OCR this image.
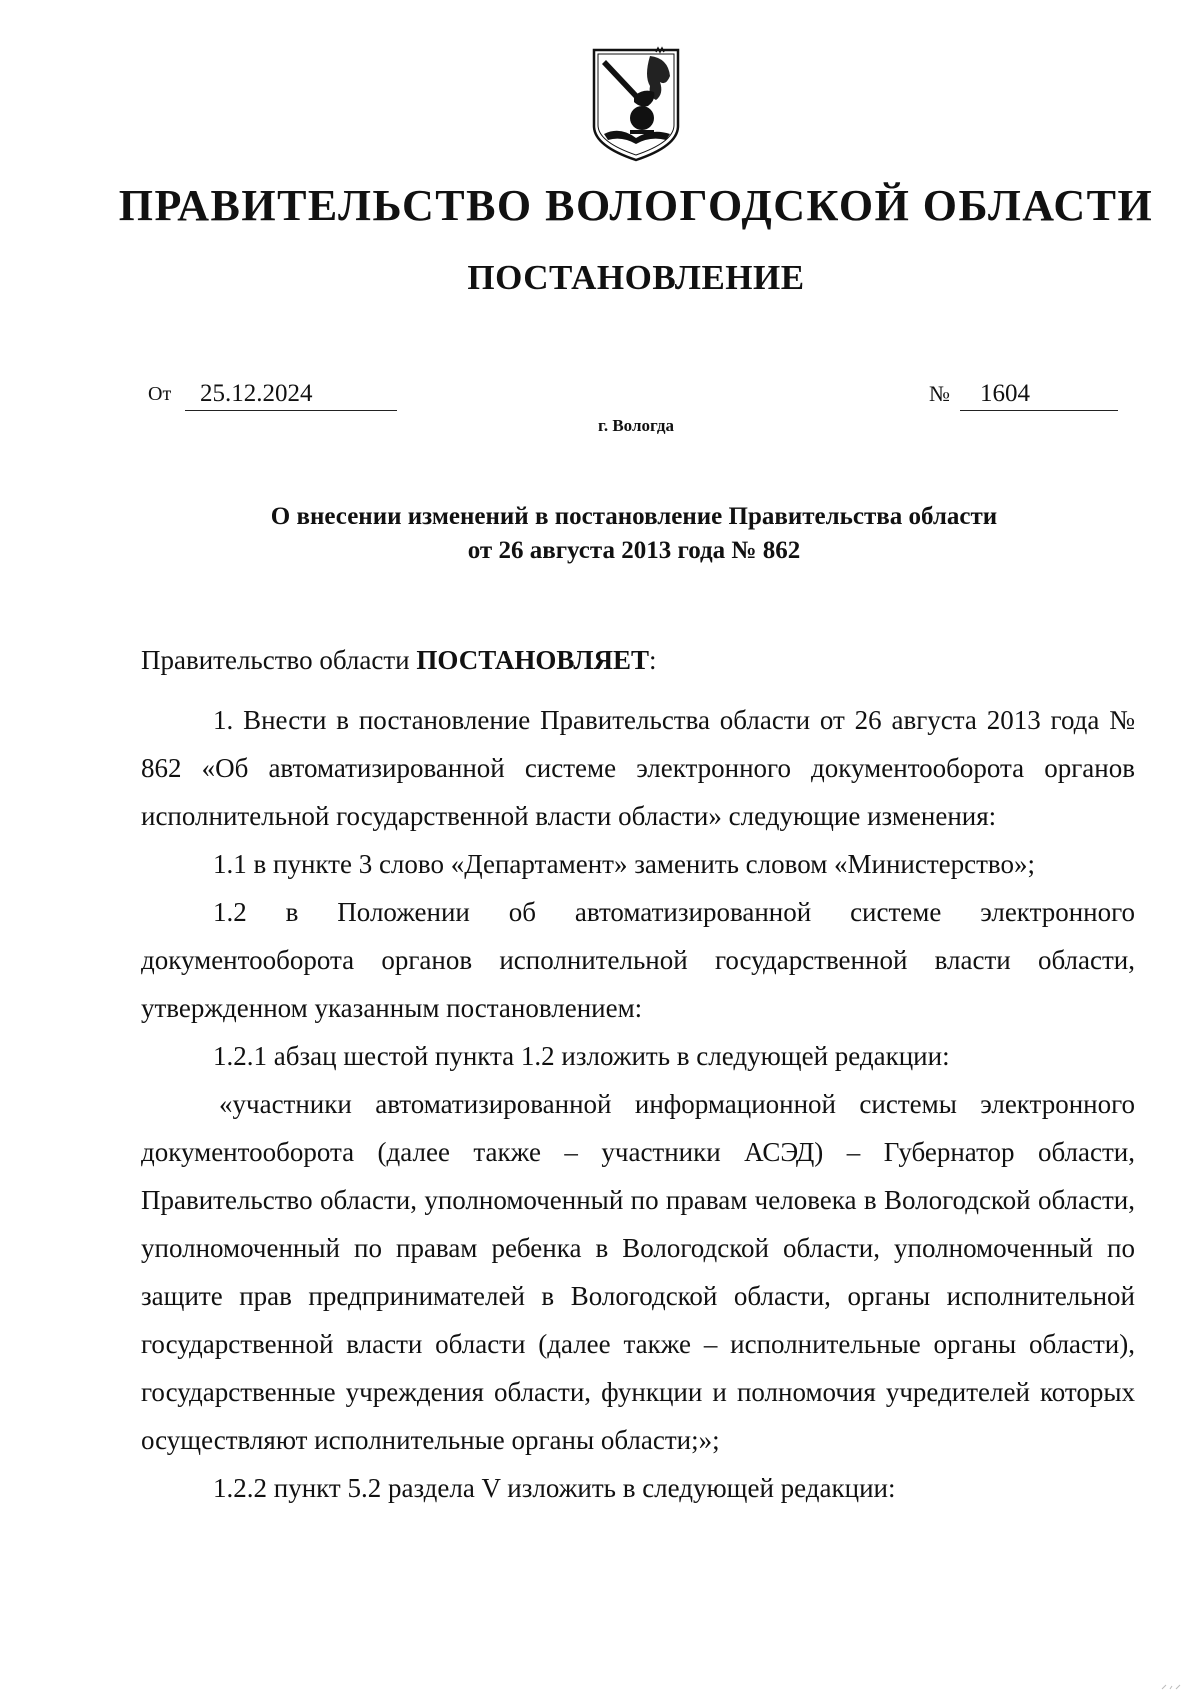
ПРАВИТЕЛЬСТВО ВОЛОГОДСКОЙ ОБЛАСТИ
ПОСТАНОВЛЕНИЕ
От	25.12.2024	№	1604
г. Вологда
О внесении изменений в постановление Правительства области
от 26 августа 2013 года № 862

Правительство области ПОСТАНОВЛЯЕТ:

1. Внести в постановление Правительства области от 26 августа 2013 года № 862 «Об автоматизированной системе электронного документооборота органов исполнительной государственной власти области» следующие изменения:

1.1 в пункте 3 слово «Департамент» заменить словом «Министерство»;

1.2 в Положении об автоматизированной системе электронного документооборота органов исполнительной государственной власти области, утвержденном указанным постановлением:

1.2.1 абзац шестой пункта 1.2 изложить в следующей редакции:

«участники автоматизированной информационной системы электронного документооборота (далее также – участники АСЭД) – Губернатор области, Правительство области, уполномоченный по правам человека в Вологодской области, уполномоченный по правам ребенка в Вологодской области, уполномоченный по защите прав предпринимателей в Вологодской области, органы исполнительной государственной власти области (далее также – исполнительные органы области), государственные учреждения области, функции и полномочия учредителей которых осуществляют исполнительные органы области;»;

1.2.2 пункт 5.2 раздела V изложить в следующей редакции:
